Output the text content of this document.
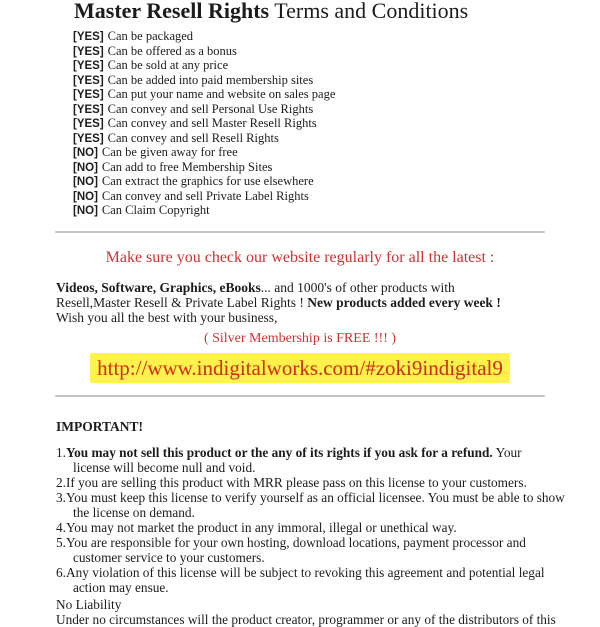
Master Resell Rights Terms and Conditions
[YES] Can be packaged
[YES] Can be offered as a bonus
[YES] Can be sold at any price
[YES] Can be added into paid membership sites
[YES] Can put your name and website on sales page
[YES] Can convey and sell Personal Use Rights
[YES] Can convey and sell Master Resell Rights
[YES] Can convey and sell Resell Rights
[NO] Can be given away for free
[NO] Can add to free Membership Sites
[NO] Can extract the graphics for use elsewhere
[NO] Can convey and sell Private Label Rights
[NO] Can Claim Copyright
Make sure you check our website regularly for all the latest :
Videos, Software, Graphics, eBooks... and 1000's of other products with
Resell,Master Resell & Private Label Rights ! New products added every week !
Wish you all the best with your business,
( Silver Membership is FREE !!! )
http://www.indigitalworks.com/#zoki9indigital9
IMPORTANT!
1.You may not sell this product or the any of its rights if you ask for a refund. Your
license will become null and void.
2.If you are selling this product with MRR please pass on this license to your customers.
3.You must keep this license to verify yourself as an official licensee. You must be able to show
the license on demand.
4.You may not market the product in any immoral, illegal or unethical way.
5.You are responsible for your own hosting, download locations, payment processor and
customer service to your customers.
6.Any violation of this license will be subject to revoking this agreement and potential legal
action may ensue.
No Liability
Under no circumstances will the product creator, programmer or any of the distributors of this
